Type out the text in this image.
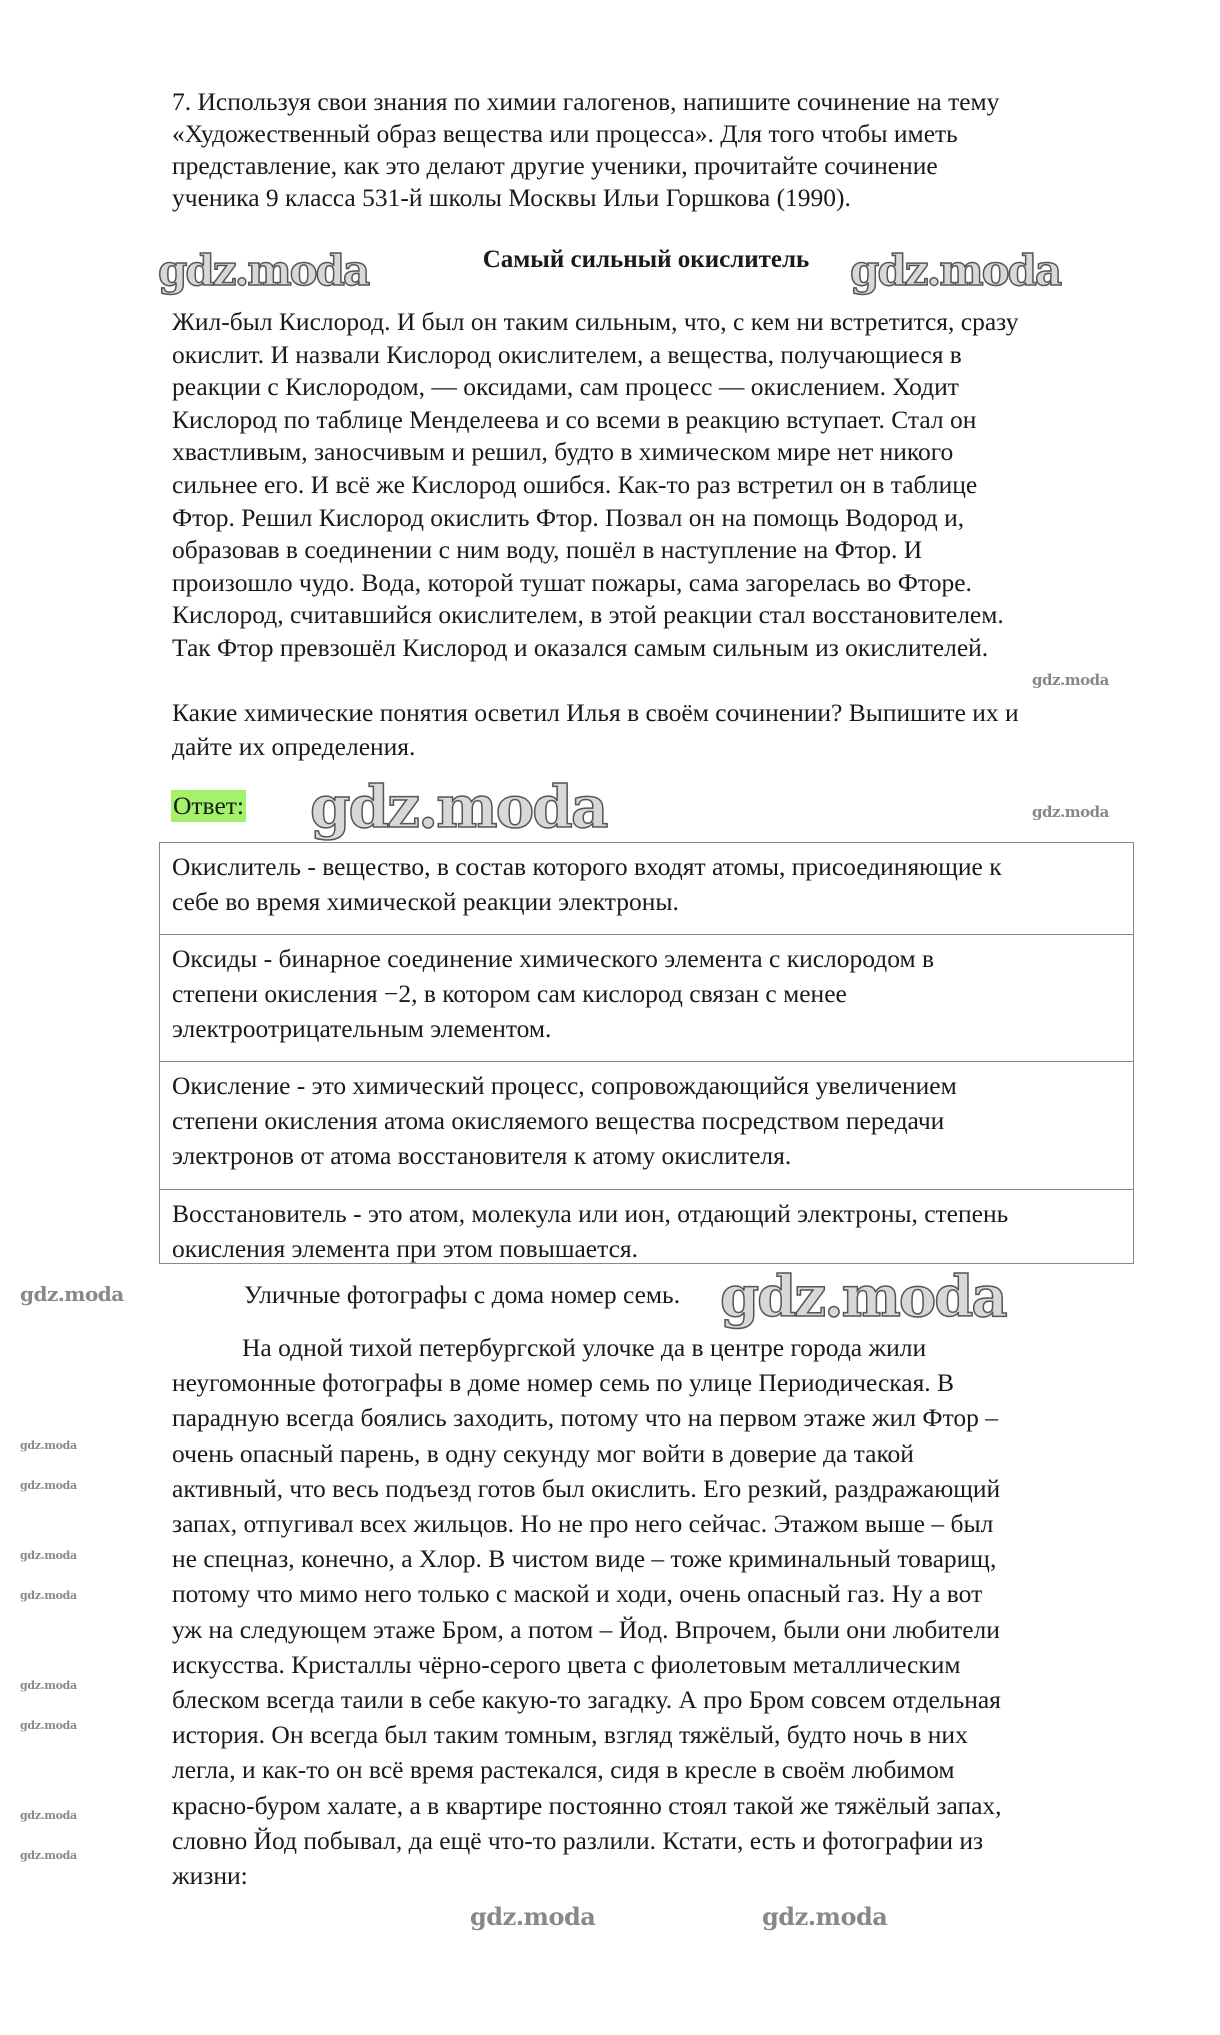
7. Используя свои знания по химии галогенов, напишите сочинение на тему
«Художественный образ вещества или процесса». Для того чтобы иметь
представление, как это делают другие ученики, прочитайте сочинение
ученика 9 класса 531-й школы Москвы Ильи Горшкова (1990).
Самый сильный окислитель
Жил-был Кислород. И был он таким сильным, что, с кем ни встретится, сразу
окислит. И назвали Кислород окислителем, а вещества, получающиеся в
реакции с Кислородом, — оксидами, сам процесс — окислением. Ходит
Кислород по таблице Менделеева и со всеми в реакцию вступает. Стал он
хвастливым, заносчивым и решил, будто в химическом мире нет никого
сильнее его. И всё же Кислород ошибся. Как-то раз встретил он в таблице
Фтор. Решил Кислород окислить Фтор. Позвал он на помощь Водород и,
образовав в соединении с ним воду, пошёл в наступление на Фтор. И
произошло чудо. Вода, которой тушат пожары, сама загорелась во Фторе.
Кислород, считавшийся окислителем, в этой реакции стал восстановителем.
Так Фтор превзошёл Кислород и оказался самым сильным из окислителей.
Какие химические понятия осветил Илья в своём сочинении? Выпишите их и
дайте их определения.
Ответ:
Окислитель - вещество, в состав которого входят атомы, присоединяющие к
себе во время химической реакции электроны.
Оксиды - бинарное соединение химического элемента с кислородом в
степени окисления −2, в котором сам кислород связан с менее
электроотрицательным элементом.
Окисление - это химический процесс, сопровождающийся увеличением
степени окисления атома окисляемого вещества посредством передачи
электронов от атома восстановителя к атому окислителя.
Восстановитель - это атом, молекула или ион, отдающий электроны, степень
окисления элемента при этом повышается.
Уличные фотографы с дома номер семь.
На одной тихой петербургской улочке да в центре города жили
неугомонные фотографы в доме номер семь по улице Периодическая. В
парадную всегда боялись заходить, потому что на первом этаже жил Фтор –
очень опасный парень, в одну секунду мог войти в доверие да такой
активный, что весь подъезд готов был окислить. Его резкий, раздражающий
запах, отпугивал всех жильцов. Но не про него сейчас. Этажом выше – был
не спецназ, конечно, а Хлор. В чистом виде – тоже криминальный товарищ,
потому что мимо него только с маской и ходи, очень опасный газ. Ну а вот
уж на следующем этаже Бром, а потом – Йод. Впрочем, были они любители
искусства. Кристаллы чёрно-серого цвета с фиолетовым металлическим
блеском всегда таили в себе какую-то загадку. А про Бром совсем отдельная
история. Он всегда был таким томным, взгляд тяжёлый, будто ночь в них
легла, и как-то он всё время растекался, сидя в кресле в своём любимом
красно-буром халате, а в квартире постоянно стоял такой же тяжёлый запах,
словно Йод побывал, да ещё что-то разлили. Кстати, есть и фотографии из
жизни:
gdz.moda	gdz.moda
gdz.moda
gdz.moda	gdz.moda
gdz.moda	gdz.moda
gdz.moda
gdz.moda
gdz.moda
gdz.moda
gdz.moda
gdz.moda
gdz.moda
gdz.moda	gdz.moda
gdz.moda
